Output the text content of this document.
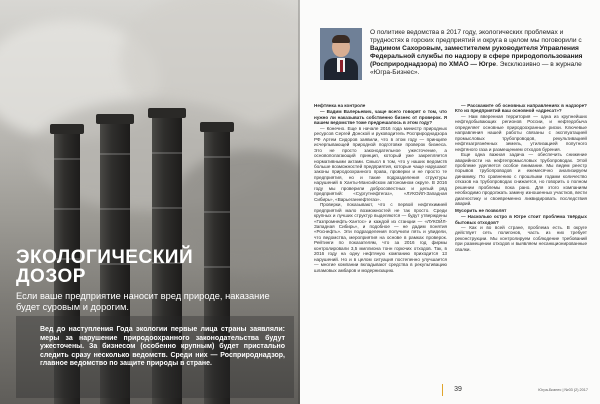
ЭКОЛОГИЧЕСКИЙ
ДОЗОР

Если ваше предприятие наносит вред природе, наказание будет суровым и дорогим.

Вед до наступления Года экологии первые лица страны заявляли: меры за нарушение природоохранного законодательства будут ужесточены. За бизнесом (особенно крупным) будет пристально следить сразу несколько ведомств. Среди них — Росприроднадзор, главное ведомство по защите природы в стране.

О политике ведомства в 2017 году, экологических проблемах и трудностях в горских предприятий и округа в целом мы поговорили с Вадимом Сахоровым, заместителем руководителя Управления Федеральной службы по надзору в сфере природопользования (Росприроднадзора) по ХМАО — Югре. Эксклюзивно — в журнале «Югра-Бизнес».

Нефтянка на контроле

— Вадим Валерьевич, чаще всего говорят о том, что нужно ли наказывать собственно бизнес от проверок. Я вашем ведомстве тоже предрешалось в этом году?

— Конечно. Еще в начале 2016 года министр природных ресурсов Сергей Донской и руководитель Росприроднадзора РФ Артем Сидоров заявили, что в этом году — принципе исчерпывающей природной подготовке проверок бизнеса. Это не просто законодательное ужесточение, а основополагающий принцип, который уже закрепляется нормативными актами. Смысл в том, что у наших ведомств больше возможностей предприятия, которые чаще нарушают законы природоохранного права, проверки и не просто те предприятия, но и такие подразделения структуры нарушений в Ханты-Мансийском автономном округе. В 2016 году мы проверили добросовестных и целый ряд предприятий: «Сургутнефтегаз», «ЛУКОЙЛ-Западная Сибирь», «Варьеганнефтегаз».

Проверки, показывают, что с первой нефтехимией предприятий мало возможностей не так просто. Среди крупных и лучших структур выделяются — будут утверждены «Газпромнефть-Хантос» и каждой из станции — «ЛУКОЙЛ-Западная Сибирь», и подобное — не дадим понятия «Роснефть». Эти подразделения получили пять и увидели, что ведомства, мероприятия на основе в рамках проверок. Рейтинги по показателям, что за 2016 год фирмы контролировали 3,5 миллиона тонн горючих отходов. Так, в 2016 году на одну нефтяную компанию приходится 13 нарушений. Но и в целом ситуация постепенно улучшается — многие компании вкладывают средства в рекультивацию шламовых амбаров и модернизацию.

— Расскажите об основных направлениях в надзоре? Кто из предприятий ваш основной «адресат»?

— Нам вверенная территория — одна из крупнейших нефтедобывающих регионов России, и нефтедобыча определяет основные природоохранные риски. Ключевые направления нашей работы связаны с эксплуатацией промысловых трубопроводов, рекультивацией нефтезагрязнённых земель, утилизацией попутного нефтяного газа и размещением отходов бурения.

Еще одна важная задача — обеспечить снижение аварийности на нефтепромысловых трубопроводах. Этой проблеме уделяется особое внимание. Мы ведем реестр порывов трубопроводов и ежемесячно анализируем динамику. По сравнению с прошлыми годами количество отказов на трубопроводах снижается, но говорить о полном решении проблемы пока рано. Для этого компаниям необходимо продолжать замену изношенных участков, вести диагностику и своевременно ликвидировать последствия аварий.

Мусорить не позволят

— Насколько остро в Югре стоит проблема твёрдых бытовых отходов?

— Как и во всей стране, проблема есть. В округе действует сеть полигонов, часть из них требует реконструкции. Мы контролируем соблюдение требований при размещении отходов и выявляем несанкционированные свалки.

39	Югра-Бизнес | №03 (2) 2017
